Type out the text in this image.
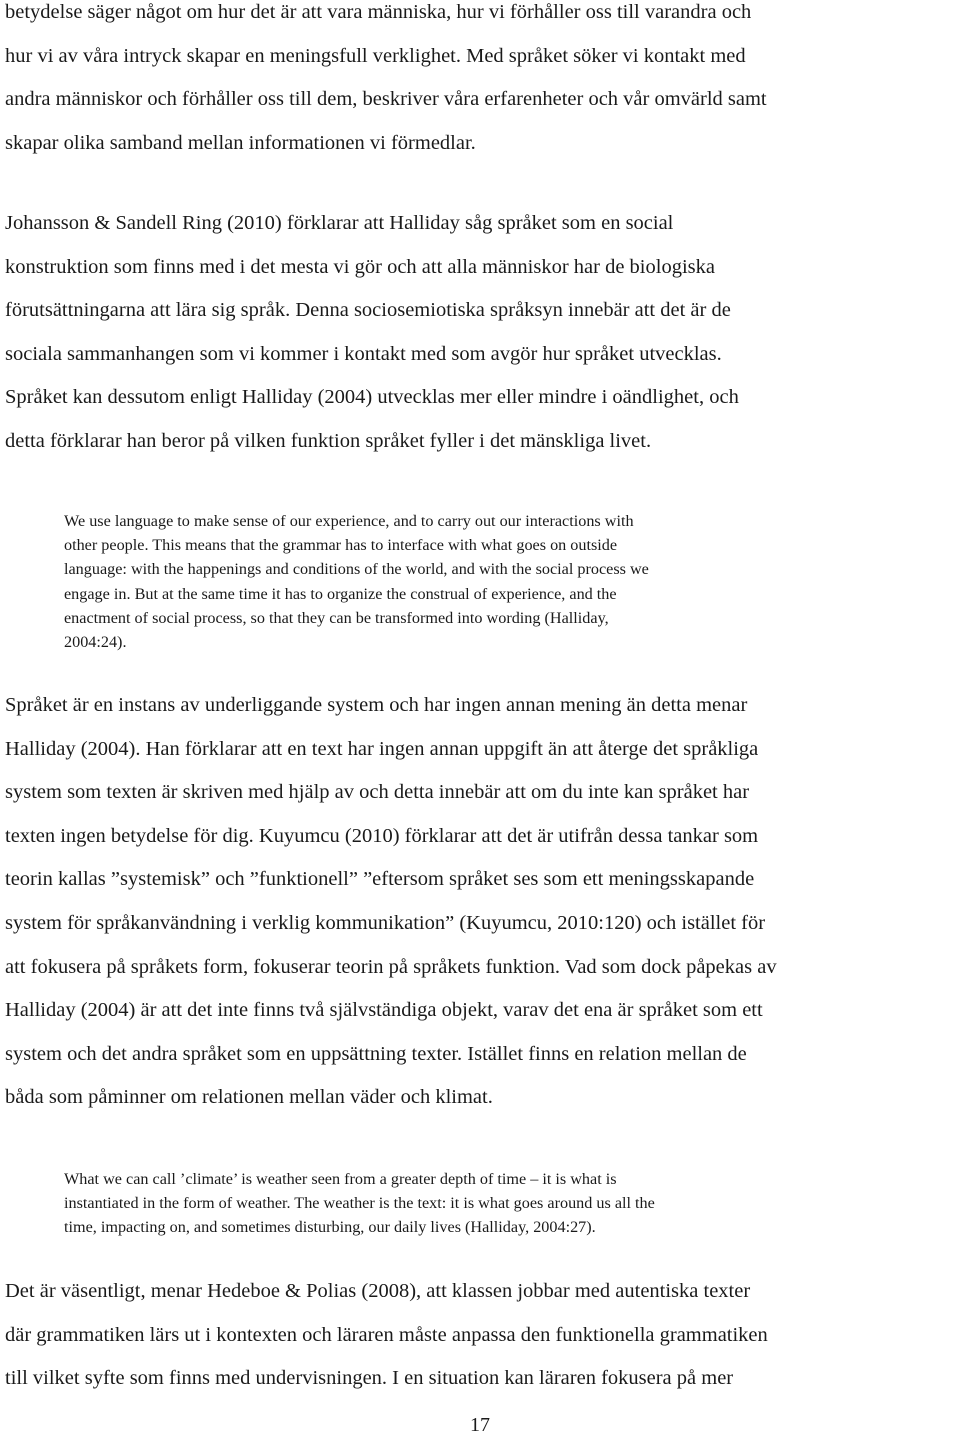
betydelse säger något om hur det är att vara människa, hur vi förhåller oss till varandra och
hur vi av våra intryck skapar en meningsfull verklighet. Med språket söker vi kontakt med
andra människor och förhåller oss till dem, beskriver våra erfarenheter och vår omvärld samt
skapar olika samband mellan informationen vi förmedlar.

Johansson & Sandell Ring (2010) förklarar att Halliday såg språket som en social
konstruktion som finns med i det mesta vi gör och att alla människor har de biologiska
förutsättningarna att lära sig språk. Denna sociosemiotiska språksyn innebär att det är de
sociala sammanhangen som vi kommer i kontakt med som avgör hur språket utvecklas.
Språket kan dessutom enligt Halliday (2004) utvecklas mer eller mindre i oändlighet, och
detta förklarar han beror på vilken funktion språket fyller i det mänskliga livet.

We use language to make sense of our experience, and to carry out our interactions with
other people. This means that the grammar has to interface with what goes on outside
language: with the happenings and conditions of the world, and with the social process we
engage in. But at the same time it has to organize the construal of experience, and the
enactment of social process, so that they can be transformed into wording (Halliday,
2004:24).

Språket är en instans av underliggande system och har ingen annan mening än detta menar
Halliday (2004). Han förklarar att en text har ingen annan uppgift än att återge det språkliga
system som texten är skriven med hjälp av och detta innebär att om du inte kan språket har
texten ingen betydelse för dig. Kuyumcu (2010) förklarar att det är utifrån dessa tankar som
teorin kallas ”systemisk” och ”funktionell” ”eftersom språket ses som ett meningsskapande
system för språkanvändning i verklig kommunikation” (Kuyumcu, 2010:120) och istället för
att fokusera på språkets form, fokuserar teorin på språkets funktion. Vad som dock påpekas av
Halliday (2004) är att det inte finns två självständiga objekt, varav det ena är språket som ett
system och det andra språket som en uppsättning texter. Istället finns en relation mellan de
båda som påminner om relationen mellan väder och klimat.

What we can call ’climate’ is weather seen from a greater depth of time – it is what is
instantiated in the form of weather. The weather is the text: it is what goes around us all the
time, impacting on, and sometimes disturbing, our daily lives (Halliday, 2004:27).

Det är väsentligt, menar Hedeboe & Polias (2008), att klassen jobbar med autentiska texter
där grammatiken lärs ut i kontexten och läraren måste anpassa den funktionella grammatiken
till vilket syfte som finns med undervisningen. I en situation kan läraren fokusera på mer

17
